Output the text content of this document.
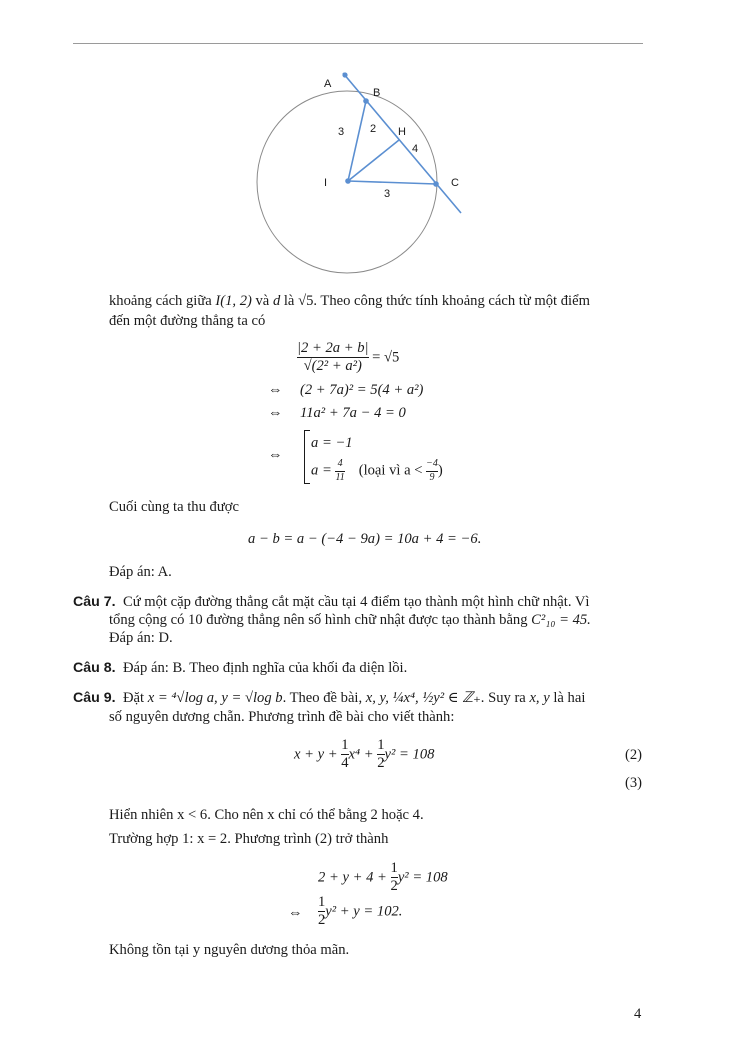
A
B
H
I	C
3 2
4
3
khoảng cách giữa I(1, 2) và d là √5. Theo công thức tính khoảng cách từ một điểm
đến một đường thẳng ta có
$\frac{|2 + 2a + b|}{\text{√(2² + a²)}} = √5$
⇔ (2 + 7a)² = 5(4 + a²)
⇔ 11a² + 7a − 4 = 0
⇔
a = −1
$a = \frac{4}{11}$ (loại vì $a < \frac{-4}{9}$ )
Cuối cùng ta thu được
a − b = a − (−4 − 9a) = 10a + 4 = −6.
Đáp án: A.
Câu 7. Cứ một cặp đường thẳng cắt mặt cầu tại 4 điểm tạo thành một hình chữ nhật. Vì
tổng cộng có 10 đường thẳng nên số hình chữ nhật được tạo thành bằng C²₁₀ = 45.
Đáp án: D.
Câu 8. Đáp án: B. Theo định nghĩa của khối đa diện lồi.
Câu 9. Đặt x = ⁴√log a, y = √log b. Theo đề bài, x, y, ¼x⁴, ½y² ∈ ℤ₊. Suy ra x, y là hai
số nguyên dương chẵn. Phương trình đề bài cho viết thành:
$x + y + \frac{1}{4} x^4 + \frac{1}{2} y^2 = 108$	(2)
(3)
Hiển nhiên x < 6. Cho nên x chỉ có thể bằng 2 hoặc 4.
Trường hợp 1: x = 2. Phương trình (2) trở thành
$2 + y + 4 + \frac{1}{2} y^2 = 108$
⇔ $\frac{1}{2} y^2 + y = 102$.
Không tồn tại y nguyên dương thỏa mãn.
4
